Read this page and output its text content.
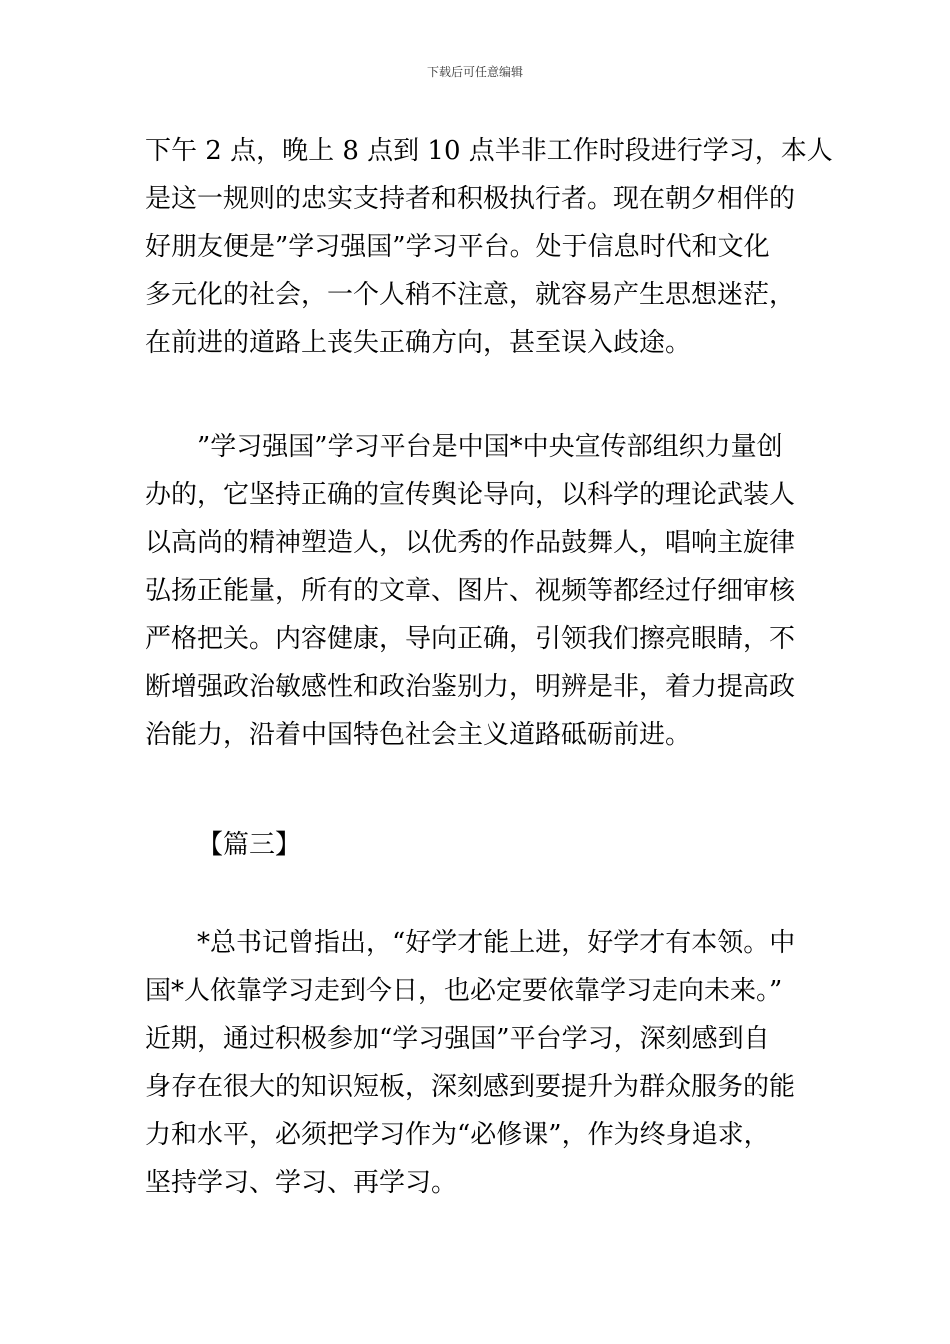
下载后可任意编辑
下午 2 点，晚上 8 点到 10 点半非工作时段进行学习，本人
是这一规则的忠实支持者和积极执行者。现在朝夕相伴的
好朋友便是”学习强国”学习平台。处于信息时代和文化
多元化的社会，一个人稍不注意，就容易产生思想迷茫，
在前进的道路上丧失正确方向，甚至误入歧途。
”学习强国”学习平台是中国*中央宣传部组织力量创
办的，它坚持正确的宣传舆论导向，以科学的理论武装人
以高尚的精神塑造人，以优秀的作品鼓舞人，唱响主旋律
弘扬正能量，所有的文章、图片、视频等都经过仔细审核
严格把关。内容健康，导向正确，引领我们擦亮眼睛，不
断增强政治敏感性和政治鉴别力，明辨是非，着力提高政
治能力，沿着中国特色社会主义道路砥砺前进。
【篇三】
*总书记曾指出，“好学才能上进，好学才有本领。中
国*人依靠学习走到今日，也必定要依靠学习走向未来。”
近期，通过积极参加“学习强国”平台学习，深刻感到自
身存在很大的知识短板，深刻感到要提升为群众服务的能
力和水平，必须把学习作为“必修课”，作为终身追求，
坚持学习、学习、再学习。
